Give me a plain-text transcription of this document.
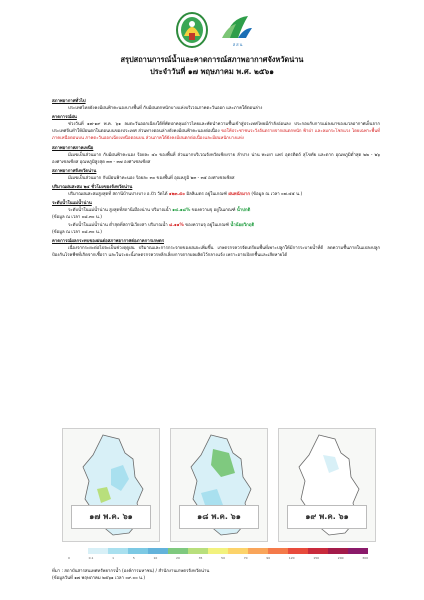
สสน
สรุปสถานการณ์น้ำและคาดการณ์สภาพอากาศจังหวัดน่าน
ประจำวันที่ ๑๗ พฤษภาคม พ.ศ. ๒๕๖๑
สภาพอากาศทั่วไป
ประเทศไทยยังคงมีฝนฟ้าคะนองบางพื้นที่ กับมีฝนตกหนักบางแห่งบริเวณภาคตะวันออก และภาคใต้ตอนล่าง
คาดการณ์ฝน
ช่วงวันที่ ๑๗-๑๙ พ.ค. ๖๑ ลมตะวันออกเฉียงใต้ที่พัดปกคลุมอ่าวไทยและพัดนำความชื้นเข้าสู่ประเทศไทยมีกำลังอ่อนลง ประกอบกับการแผ่ลงมาของมวลอากาศเย็นจากประเทศจีนทำให้มีฝนตกในตอนบนของประเทศ ส่วนทางตอนล่างยังคงมีฝนฟ้าคะนองต่อเนื่อง ขอให้ประชาชนระวังอันตรายจากฝนตกหนัก ฟ้าผ่า และลมกระโชกแรง โดยเฉพาะพื้นที่ภาคเหนือตอนบน ภาคตะวันออกเฉียงเหนือตอนบน ส่วนภาคใต้ยังคงมีฝนตกต่อเนื่องและมีฝนหนักบางแห่ง
สภาพอากาศภาคเหนือ
มีเมฆเป็นส่วนมาก กับมีฝนฟ้าคะนอง ร้อยละ ๔๐ ของพื้นที่ ส่วนมากบริเวณจังหวัดเชียงราย ลำปาง น่าน พะเยา แพร่ อุตรดิตถ์ สุโขทัย และตาก อุณหภูมิต่ำสุด ๒๒ - ๒๖ องศาเซลเซียส อุณหภูมิสูงสุด ๓๓ - ๓๗ องศาเซลเซียส
สภาพอากาศจังหวัดน่าน
มีเมฆเป็นส่วนมาก กับมีฝนฟ้าคะนอง ร้อยละ ๓๐ ของพื้นที่ อุณหภูมิ ๒๓ - ๓๕ องศาเซลเซียส
ปริมาณฝนสะสม ๒๔ ชั่วโมงของจังหวัดน่าน
ปริมาณฝนสะสมสูงสุดที่ สถานีบ้านปางบาง อ.ปัว วัดได้ ๑๒๓.๕๐ มิลลิเมตร อยู่ในเกณฑ์ ฝนหนักมาก (ข้อมูล ณ เวลา ๐๗.๔๕ น.)
ระดับน้ำในแม่น้ำน่าน
ระดับน้ำในแม่น้ำน่าน สูงสุดที่สถานีเมืองน่าน ปริมาณน้ำ ๑๔.๑๘% ของความจุ อยู่ในเกณฑ์ น้ำปกติ
(ข้อมูล ณ เวลา ๐๘.๓๐ น.)
ระดับน้ำในแม่น้ำน่าน ต่ำสุดที่สถานีเวียงสา ปริมาณน้ำ ๘.๑๑% ของความจุ อยู่ในเกณฑ์ น้ำน้อยวิกฤติ
(ข้อมูล ณ เวลา ๐๘.๓๐ น.)
คาดการณ์ผลกระทบของฝนต่อสภาพอากาศต่อภาคการเกษตร
เนื่องจากระยะต่อไปจะเป็นช่วงฤดูฝน ปริมาณและการกระจายของฝนจะเพิ่มขึ้น เกษตรกรควรจัดเตรียมพื้นที่เพาะปลูกให้มีการระบายน้ำที่ดี ลดความชื้นภายในแปลงปลูก ป้องกันโรคพืชที่เกิดจากเชื้อรา และในระยะนี้เกษตรกรควรหลีกเลี่ยงการตากผลผลิตไว้กลางแจ้ง เพราะอาจเปียกชื้นและเสียหายได้
๑๗ พ.ค. ๖๑	๑๘ พ.ค. ๖๑	๑๙ พ.ค. ๖๑
0	0.1	1	5	10	20	35	50	70	90	120	150	200	300
ที่มา : สถาบันสารสนเทศทรัพยากรน้ำ (องค์การมหาชน) / สำนักงานเกษตรจังหวัดน่าน
(ข้อมูลวันที่ ๑๗ พฤษภาคม ๒๕๖๑ เวลา ๐๙.๐๐ น.)
